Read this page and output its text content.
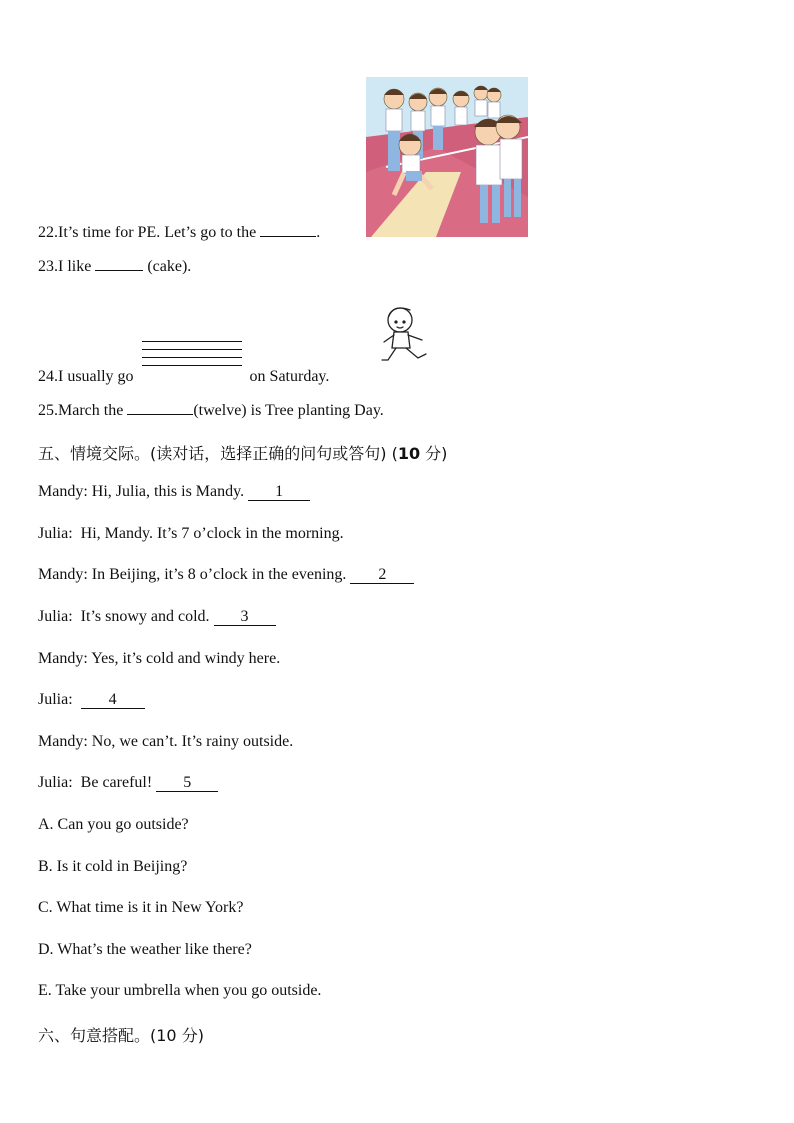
22.It’s time for PE. Let’s go to the	.
23.I like	(cake).
24.I usually go	on Saturday.
25.March the	(twelve) is Tree planting Day.
五、情境交际。(读对话，选择正确的问句或答句) (10 分)
Mandy: Hi, Julia, this is Mandy. 1
Julia: Hi, Mandy. It’s 7 o’clock in the morning.
Mandy: In Beijing, it’s 8 o’clock in the evening. 2
Julia: It’s snowy and cold. 3
Mandy: Yes, it’s cold and windy here.
Julia: 4
Mandy: No, we can’t. It’s rainy outside.
Julia: Be careful! 5
A. Can you go outside?
B. Is it cold in Beijing?
C. What time is it in New York?
D. What’s the weather like there?
E. Take your umbrella when you go outside.
六、句意搭配。(10 分)
